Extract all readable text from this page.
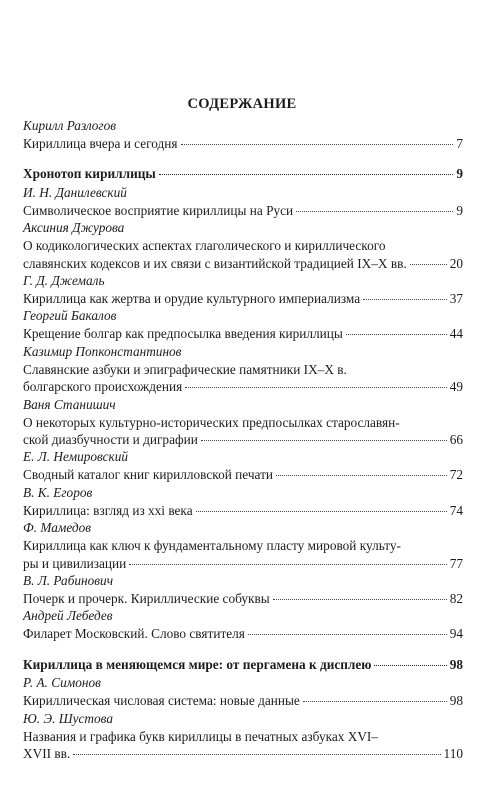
СОДЕРЖАНИЕ
Кирилл Разлогов
Кириллица вчера и сегодня	7
Хронотоп кириллицы	9
И. Н. Данилевский
Символическое восприятие кириллицы на Руси	9
Аксиния Джурова
О кодикологических аспектах глаголического и кириллического
славянских кодексов и их связи с византийской традицией IX–X вв.	20
Г. Д. Джемаль
Кириллица как жертва и орудие культурного империализма	37
Георгий Бакалов
Крещение болгар как предпосылка введения кириллицы	44
Казимир Попконстантинов
Славянские азбуки и эпиграфические памятники IX–X в.
болгарского происхождения	49
Ваня Станишич
О некоторых культурно-исторических предпосылках старославян-
ской диазбучности и диграфии	66
Е. Л. Немировский
Сводный каталог книг кирилловской печати	72
В. К. Егоров
Кириллица: взгляд из xxi века	74
Ф. Мамедов
Кириллица как ключ к фундаментальному пласту мировой культу-
ры и цивилизации	77
В. Л. Рабинович
Почерк и прочерк. Кириллические собуквы	82
Андрей Лебедев
Филарет Московский. Слово святителя	94
Кириллица в меняющемся мире: от пергамена к дисплею	98
Р. А. Симонов
Кириллическая числовая система: новые данные	98
Ю. Э. Шустова
Названия и графика букв кириллицы в печатных азбуках XVI–
XVII вв.	110
